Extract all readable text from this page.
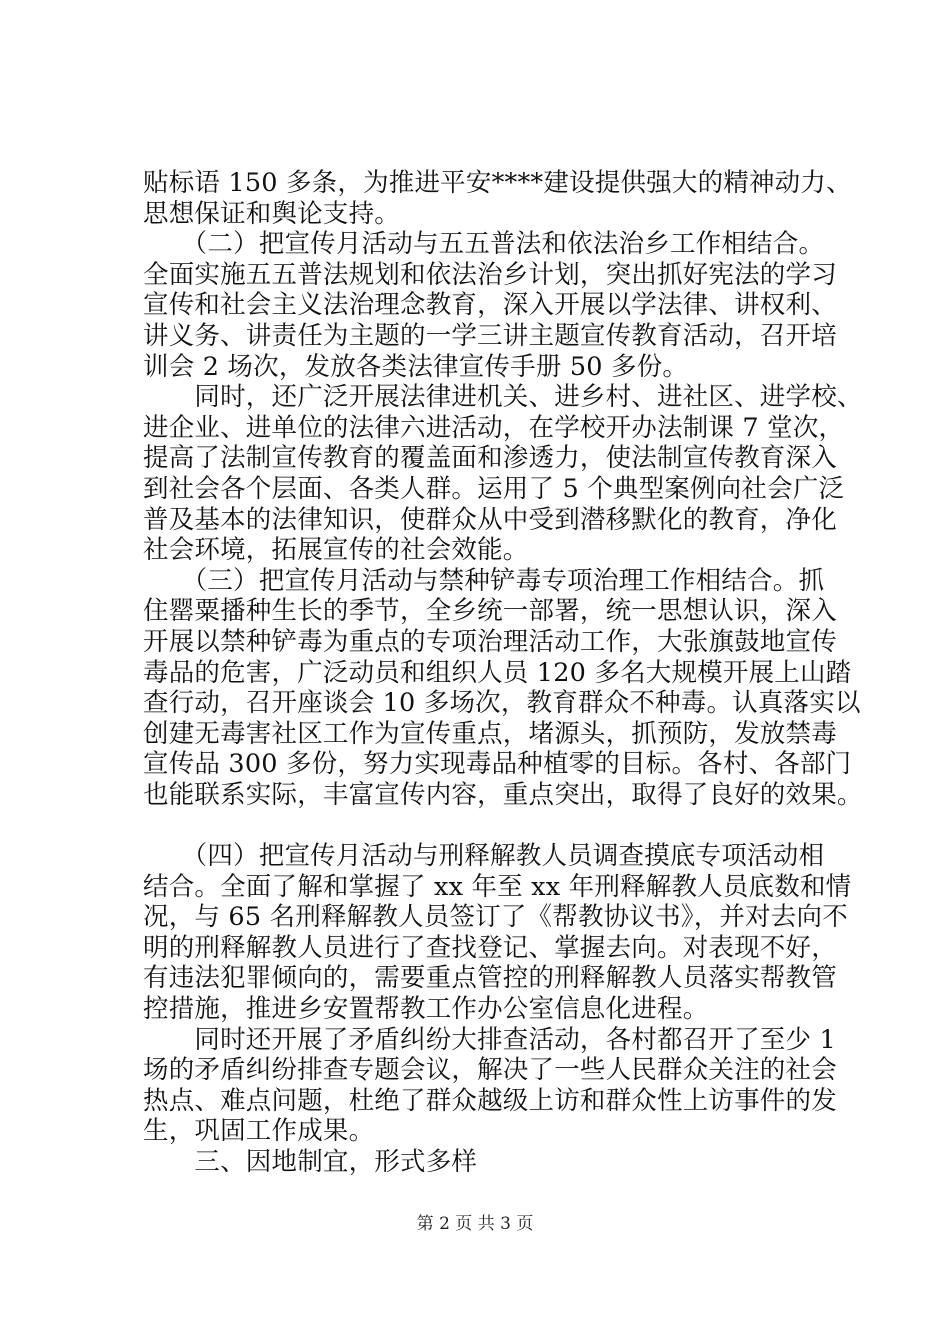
贴标语 150 多条，为推进平安****建设提供强大的精神动力、
思想保证和舆论支持。
　　（二）把宣传月活动与五五普法和依法治乡工作相结合。
全面实施五五普法规划和依法治乡计划，突出抓好宪法的学习
宣传和社会主义法治理念教育，深入开展以学法律、讲权利、
讲义务、讲责任为主题的一学三讲主题宣传教育活动，召开培
训会 2 场次，发放各类法律宣传手册 50 多份。
　　同时，还广泛开展法律进机关、进乡村、进社区、进学校、
进企业、进单位的法律六进活动，在学校开办法制课 7 堂次，
提高了法制宣传教育的覆盖面和渗透力，使法制宣传教育深入
到社会各个层面、各类人群。运用了 5 个典型案例向社会广泛
普及基本的法律知识，使群众从中受到潜移默化的教育，净化
社会环境，拓展宣传的社会效能。
　　（三）把宣传月活动与禁种铲毒专项治理工作相结合。抓
住罂粟播种生长的季节，全乡统一部署，统一思想认识，深入
开展以禁种铲毒为重点的专项治理活动工作，大张旗鼓地宣传
毒品的危害，广泛动员和组织人员 120 多名大规模开展上山踏
查行动，召开座谈会 10 多场次，教育群众不种毒。认真落实以
创建无毒害社区工作为宣传重点，堵源头，抓预防，发放禁毒
宣传品 300 多份，努力实现毒品种植零的目标。各村、各部门
也能联系实际，丰富宣传内容，重点突出，取得了良好的效果。
　　（四）把宣传月活动与刑释解教人员调查摸底专项活动相
结合。全面了解和掌握了 xx 年至 xx 年刑释解教人员底数和情
况，与 65 名刑释解教人员签订了《帮教协议书》，并对去向不
明的刑释解教人员进行了查找登记、掌握去向。对表现不好，
有违法犯罪倾向的，需要重点管控的刑释解教人员落实帮教管
控措施，推进乡安置帮教工作办公室信息化进程。
　　同时还开展了矛盾纠纷大排查活动，各村都召开了至少 1
场的矛盾纠纷排查专题会议，解决了一些人民群众关注的社会
热点、难点问题，杜绝了群众越级上访和群众性上访事件的发
生，巩固工作成果。
　　三、因地制宜，形式多样
第 2 页 共 3 页
